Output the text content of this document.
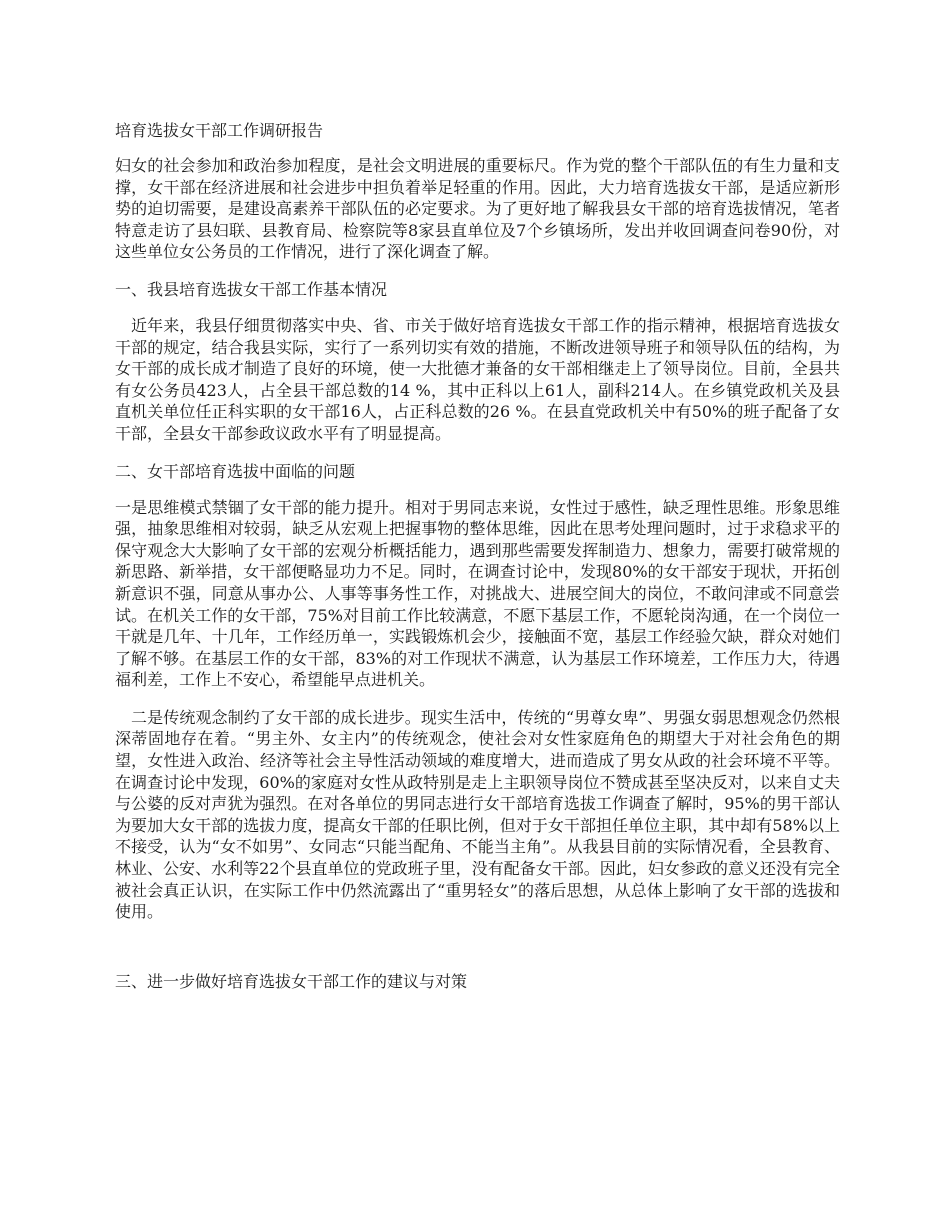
培育选拔女干部工作调研报告
妇女的社会参加和政治参加程度，是社会文明进展的重要标尺。作为党的整个干部队伍的有生力量和支撑，女干部在经济进展和社会进步中担负着举足轻重的作用。因此，大力培育选拔女干部，是适应新形势的迫切需要，是建设高素养干部队伍的必定要求。为了更好地了解我县女干部的培育选拔情况，笔者特意走访了县妇联、县教育局、检察院等8家县直单位及7个乡镇场所，发出并收回调查问卷90份，对这些单位女公务员的工作情况，进行了深化调查了解。
一、我县培育选拔女干部工作基本情况
近年来，我县仔细贯彻落实中央、省、市关于做好培育选拔女干部工作的指示精神，根据培育选拔女干部的规定，结合我县实际，实行了一系列切实有效的措施，不断改进领导班子和领导队伍的结构，为女干部的成长成才制造了良好的环境，使一大批德才兼备的女干部相继走上了领导岗位。目前，全县共有女公务员423人，占全县干部总数的14 %，其中正科以上61人，副科214人。在乡镇党政机关及县直机关单位任正科实职的女干部16人，占正科总数的26 %。在县直党政机关中有50%的班子配备了女干部，全县女干部参政议政水平有了明显提高。
二、女干部培育选拔中面临的问题
一是思维模式禁锢了女干部的能力提升。相对于男同志来说，女性过于感性，缺乏理性思维。形象思维强，抽象思维相对较弱，缺乏从宏观上把握事物的整体思维，因此在思考处理问题时，过于求稳求平的保守观念大大影响了女干部的宏观分析概括能力，遇到那些需要发挥制造力、想象力，需要打破常规的新思路、新举措，女干部便略显功力不足。同时，在调查讨论中，发现80%的女干部安于现状，开拓创新意识不强，同意从事办公、人事等事务性工作，对挑战大、进展空间大的岗位，不敢问津或不同意尝试。在机关工作的女干部，75%对目前工作比较满意，不愿下基层工作，不愿轮岗沟通，在一个岗位一干就是几年、十几年，工作经历单一，实践锻炼机会少，接触面不宽，基层工作经验欠缺，群众对她们了解不够。在基层工作的女干部，83%的对工作现状不满意，认为基层工作环境差，工作压力大，待遇福利差，工作上不安心，希望能早点进机关。
二是传统观念制约了女干部的成长进步。现实生活中，传统的“男尊女卑”、男强女弱思想观念仍然根深蒂固地存在着。“男主外、女主内”的传统观念，使社会对女性家庭角色的期望大于对社会角色的期望，女性进入政治、经济等社会主导性活动领域的难度增大，进而造成了男女从政的社会环境不平等。在调查讨论中发现，60%的家庭对女性从政特别是走上主职领导岗位不赞成甚至坚决反对，以来自丈夫与公婆的反对声犹为强烈。在对各单位的男同志进行女干部培育选拔工作调查了解时，95%的男干部认为要加大女干部的选拔力度，提高女干部的任职比例，但对于女干部担任单位主职，其中却有58%以上不接受，认为“女不如男”、女同志“只能当配角、不能当主角”。从我县目前的实际情况看，全县教育、林业、公安、水利等22个县直单位的党政班子里，没有配备女干部。因此，妇女参政的意义还没有完全被社会真正认识，在实际工作中仍然流露出了“重男轻女”的落后思想，从总体上影响了女干部的选拔和使用。
三、进一步做好培育选拔女干部工作的建议与对策
